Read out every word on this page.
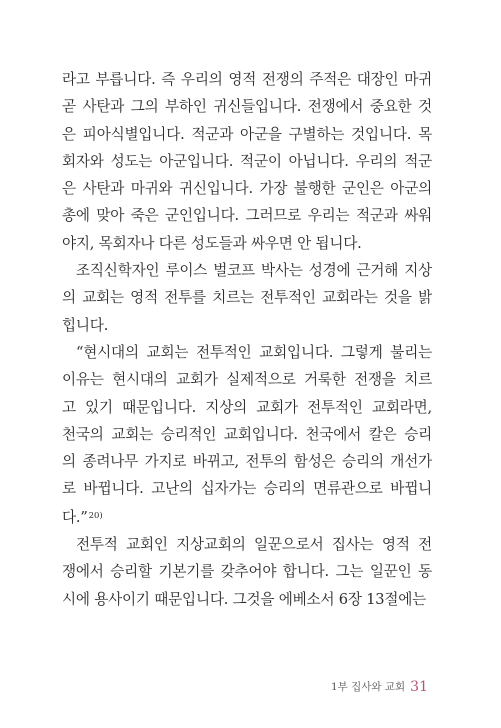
라고 부릅니다. 즉 우리의 영적 전쟁의 주적은 대장인 마귀
곧 사탄과 그의 부하인 귀신들입니다. 전쟁에서 중요한 것
은 피아식별입니다. 적군과 아군을 구별하는 것입니다. 목
회자와 성도는 아군입니다. 적군이 아닙니다. 우리의 적군
은 사탄과 마귀와 귀신입니다. 가장 불행한 군인은 아군의
총에 맞아 죽은 군인입니다. 그러므로 우리는 적군과 싸워
야지, 목회자나 다른 성도들과 싸우면 안 됩니다.
조직신학자인 루이스 벌코프 박사는 성경에 근거해 지상
의 교회는 영적 전투를 치르는 전투적인 교회라는 것을 밝
힙니다.
“현시대의 교회는 전투적인 교회입니다. 그렇게 불리는
이유는 현시대의 교회가 실제적으로 거룩한 전쟁을 치르
고 있기 때문입니다. 지상의 교회가 전투적인 교회라면,
천국의 교회는 승리적인 교회입니다. 천국에서 칼은 승리
의 종려나무 가지로 바뀌고, 전투의 함성은 승리의 개선가
로 바뀝니다. 고난의 십자가는 승리의 면류관으로 바뀝니
다.”$^{20)}$
전투적 교회인 지상교회의 일꾼으로서 집사는 영적 전
쟁에서 승리할 기본기를 갖추어야 합니다. 그는 일꾼인 동
시에 용사이기 때문입니다. 그것을 에베소서 6장 13절에는
1부 집사와 교회 31
